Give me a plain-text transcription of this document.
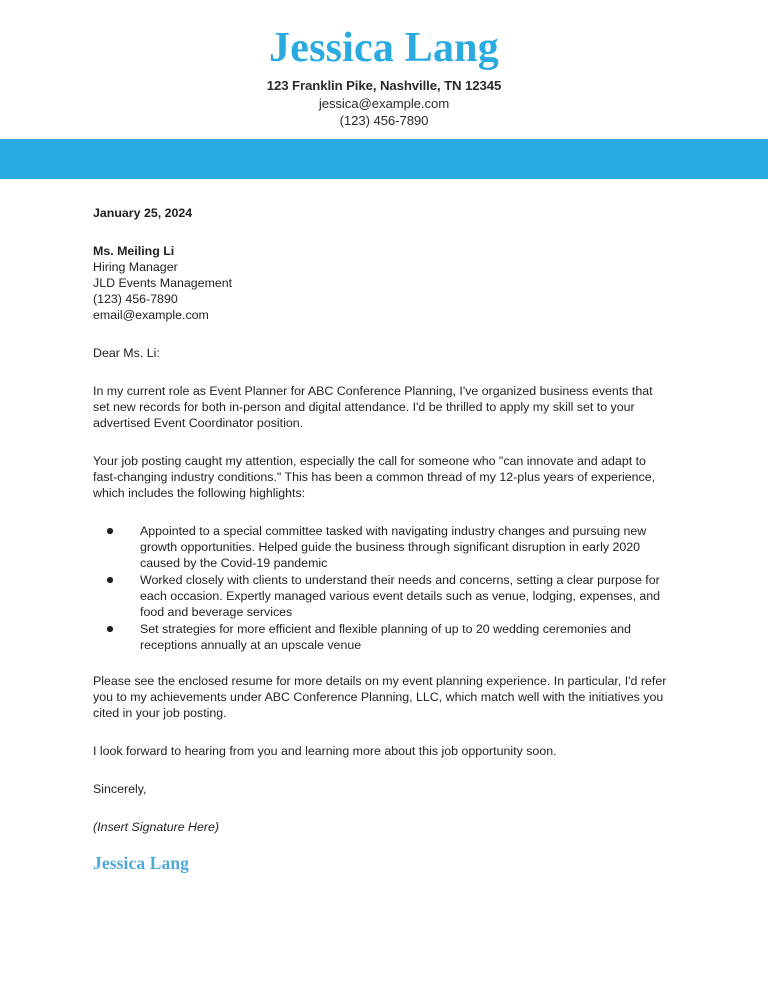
Jessica Lang
123 Franklin Pike, Nashville, TN 12345
jessica@example.com
(123) 456-7890
January 25, 2024
Ms. Meiling Li
Hiring Manager
JLD Events Management
(123) 456-7890
email@example.com
Dear Ms. Li:
In my current role as Event Planner for ABC Conference Planning, I've organized business events that set new records for both in-person and digital attendance. I'd be thrilled to apply my skill set to your advertised Event Coordinator position.
Your job posting caught my attention, especially the call for someone who "can innovate and adapt to fast-changing industry conditions." This has been a common thread of my 12-plus years of experience, which includes the following highlights:
Appointed to a special committee tasked with navigating industry changes and pursuing new growth opportunities. Helped guide the business through significant disruption in early 2020 caused by the Covid-19 pandemic
Worked closely with clients to understand their needs and concerns, setting a clear purpose for each occasion. Expertly managed various event details such as venue, lodging, expenses, and food and beverage services
Set strategies for more efficient and flexible planning of up to 20 wedding ceremonies and receptions annually at an upscale venue
Please see the enclosed resume for more details on my event planning experience. In particular, I'd refer you to my achievements under ABC Conference Planning, LLC, which match well with the initiatives you cited in your job posting.
I look forward to hearing from you and learning more about this job opportunity soon.
Sincerely,
(Insert Signature Here)
Jessica Lang
